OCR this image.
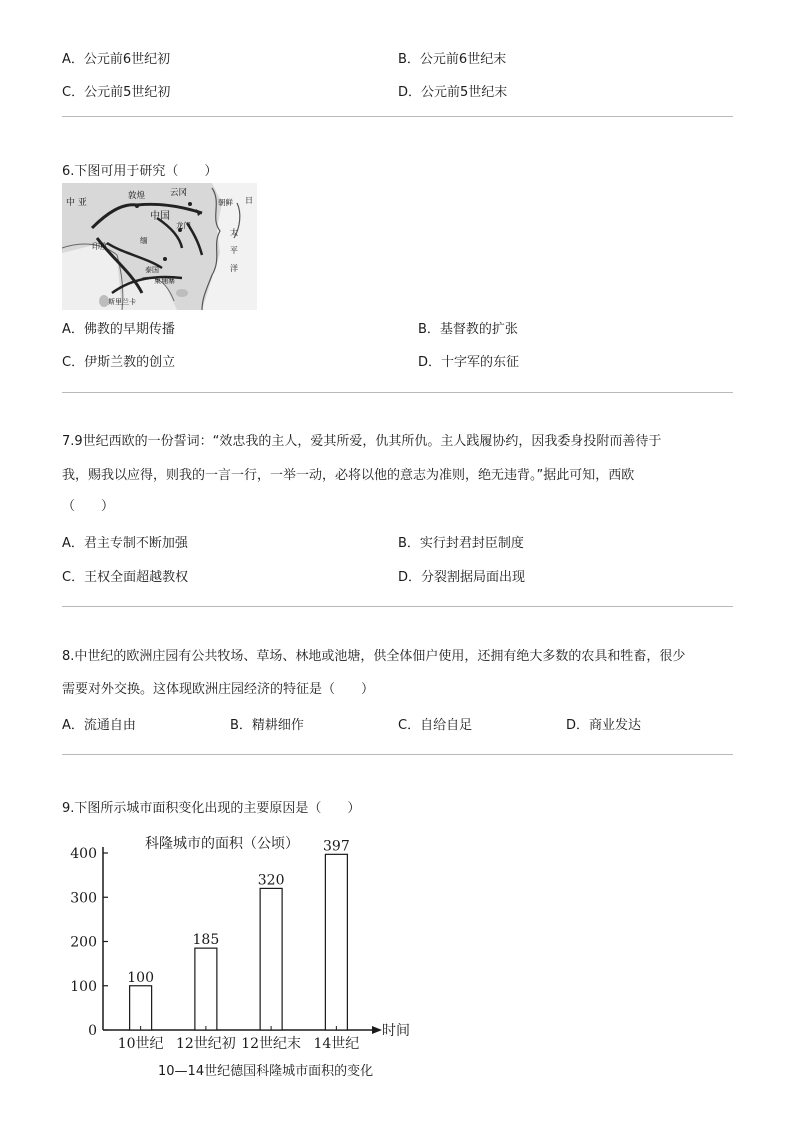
A．公元前6世纪初	B．公元前6世纪末
C．公元前5世纪初	D．公元前5世纪末
6.下图可用于研究（　　）
中 亚
敦煌	云冈
朝鲜
中国
龙门
印度
缅
泰国
柬埔寨
斯里兰卡
日
太
平
洋
A．佛教的早期传播	B．基督教的扩张
C．伊斯兰教的创立	D．十字军的东征
7.9世纪西欧的一份誓词：“效忠我的主人，爱其所爱，仇其所仇。主人践履协约，因我委身投附而善待于
我，赐我以应得，则我的一言一行，一举一动，必将以他的意志为准则，绝无违背。”据此可知，西欧
（　　）
A．君主专制不断加强	B．实行封君封臣制度
C．王权全面超越教权	D．分裂割据局面出现
8.中世纪的欧洲庄园有公共牧场、草场、林地或池塘，供全体佃户使用，还拥有绝大多数的农具和牲畜，很少
需要对外交换。这体现欧洲庄园经济的特征是（　　）
A．流通自由	B．精耕细作	C．自给自足	D．商业发达
9.下图所示城市面积变化出现的主要原因是（　　）
科隆城市的面积（公顷）
时间
0
100
200
300
400
100
10世纪
185
12世纪初
320
12世纪末
397
14世纪
10—14世纪德国科隆城市面积的变化
